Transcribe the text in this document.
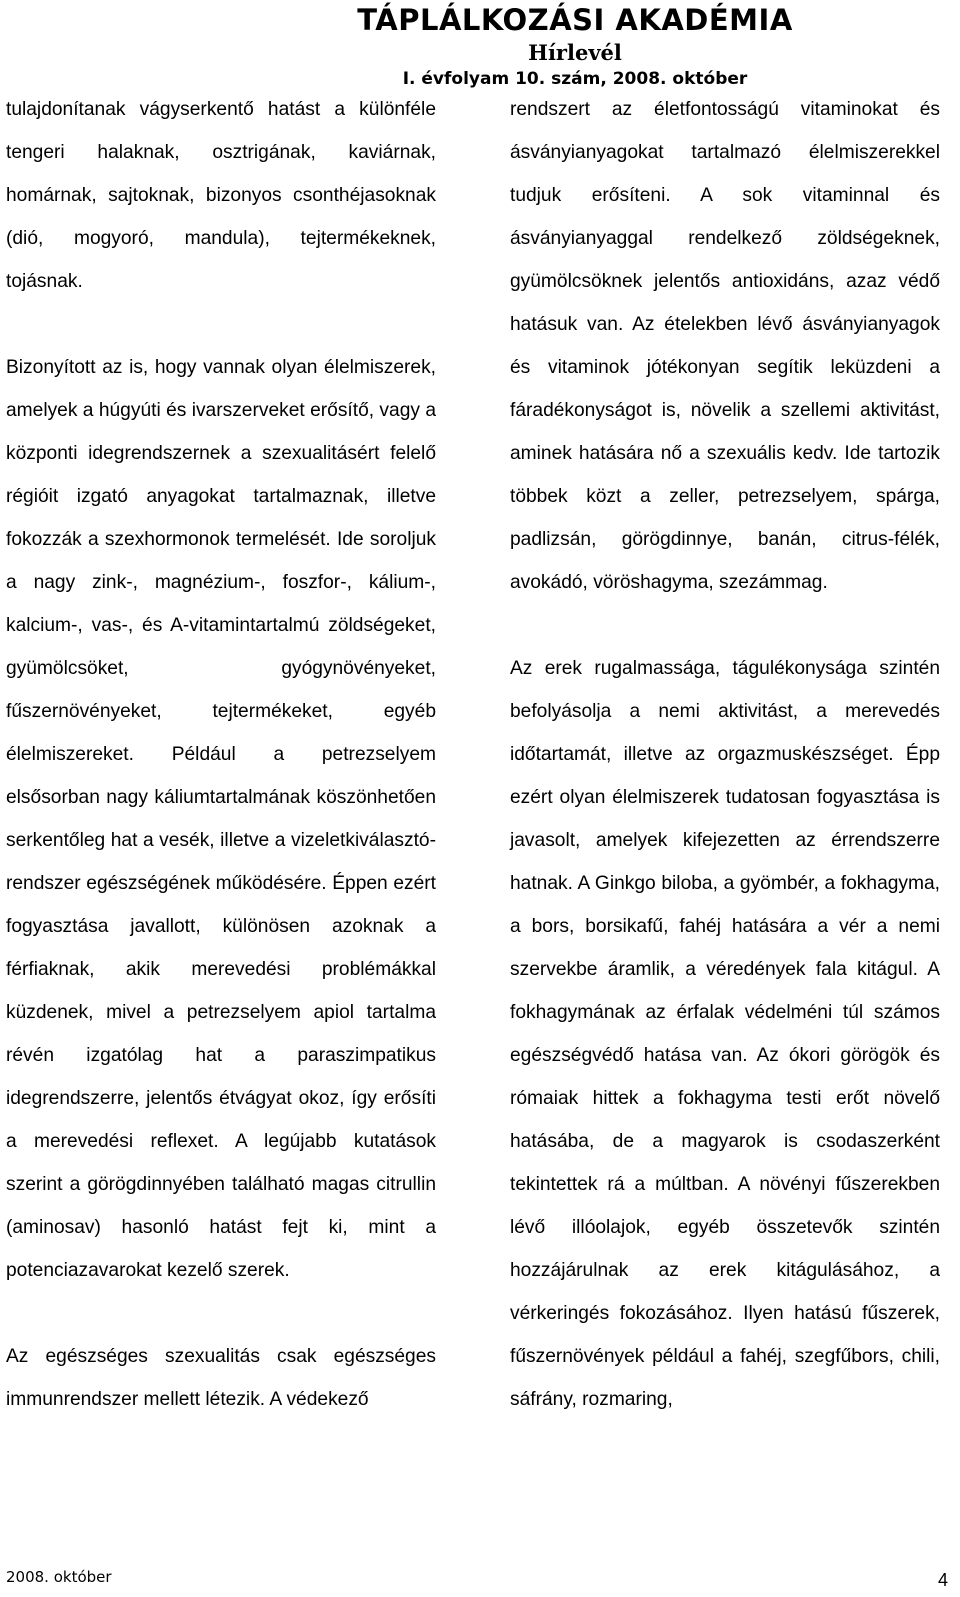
TÁPLÁLKOZÁSI AKADÉMIA
Hírlevél
I. évfolyam 10. szám, 2008. október

tulajdonítanak vágyserkentő hatást a különféle tengeri halaknak, osztrigának, kaviárnak, homárnak, sajtoknak, bizonyos csonthéjasoknak (dió, mogyoró, mandula), tejtermékeknek, tojásnak.

Bizonyított az is, hogy vannak olyan élelmiszerek, amelyek a húgyúti és ivarszerveket erősítő, vagy a központi idegrendszernek a szexualitásért felelő régióit izgató anyagokat tartalmaznak, illetve fokozzák a szexhormonok termelését. Ide soroljuk a nagy zink-, magnézium-, foszfor-, kálium-, kalcium-, vas-, és A-vitamintartalmú zöldségeket, gyümölcsöket, gyógynövényeket, fűszernövényeket, tejtermékeket, egyéb élelmiszereket. Például a petrezselyem elsősorban nagy káliumtartalmának köszönhetően serkentőleg hat a vesék, illetve a vizeletkiválasztó-rendszer egészségének működésére. Éppen ezért fogyasztása javallott, különösen azoknak a férfiaknak, akik merevedési problémákkal küzdenek, mivel a petrezselyem apiol tartalma révén izgatólag hat a paraszimpatikus idegrendszerre, jelentős étvágyat okoz, így erősíti a merevedési reflexet. A legújabb kutatások szerint a görögdinnyében található magas citrullin (aminosav) hasonló hatást fejt ki, mint a potenciazavarokat kezelő szerek.

Az egészséges szexualitás csak egészséges immunrendszer mellett létezik. A védekező

rendszert az életfontosságú vitaminokat és ásványianyagokat tartalmazó élelmiszerekkel tudjuk erősíteni. A sok vitaminnal és ásványianyaggal rendelkező zöldségeknek, gyümölcsöknek jelentős antioxidáns, azaz védő hatásuk van. Az ételekben lévő ásványianyagok és vitaminok jótékonyan segítik leküzdeni a fáradékonyságot is, növelik a szellemi aktivitást, aminek hatására nő a szexuális kedv. Ide tartozik többek közt a zeller, petrezselyem, spárga, padlizsán, görögdinnye, banán, citrus-félék, avokádó, vöröshagyma, szezámmag.

Az erek rugalmassága, tágulékonysága szintén befolyásolja a nemi aktivitást, a merevedés időtartamát, illetve az orgazmuskészséget. Épp ezért olyan élelmiszerek tudatosan fogyasztása is javasolt, amelyek kifejezetten az érrendszerre hatnak. A Ginkgo biloba, a gyömbér, a fokhagyma, a bors, borsikafű, fahéj hatására a vér a nemi szervekbe áramlik, a véredények fala kitágul. A fokhagymának az érfalak védelméni túl számos egészségvédő hatása van. Az ókori görögök és rómaiak hittek a fokhagyma testi erőt növelő hatásába, de a magyarok is csodaszerként tekintettek rá a múltban. A növényi fűszerekben lévő illóolajok, egyéb összetevők szintén hozzájárulnak az erek kitágulásához, a vérkeringés fokozásához. Ilyen hatású fűszerek, fűszernövények például a fahéj, szegfűbors, chili, sáfrány, rozmaring,

2008. október	4
